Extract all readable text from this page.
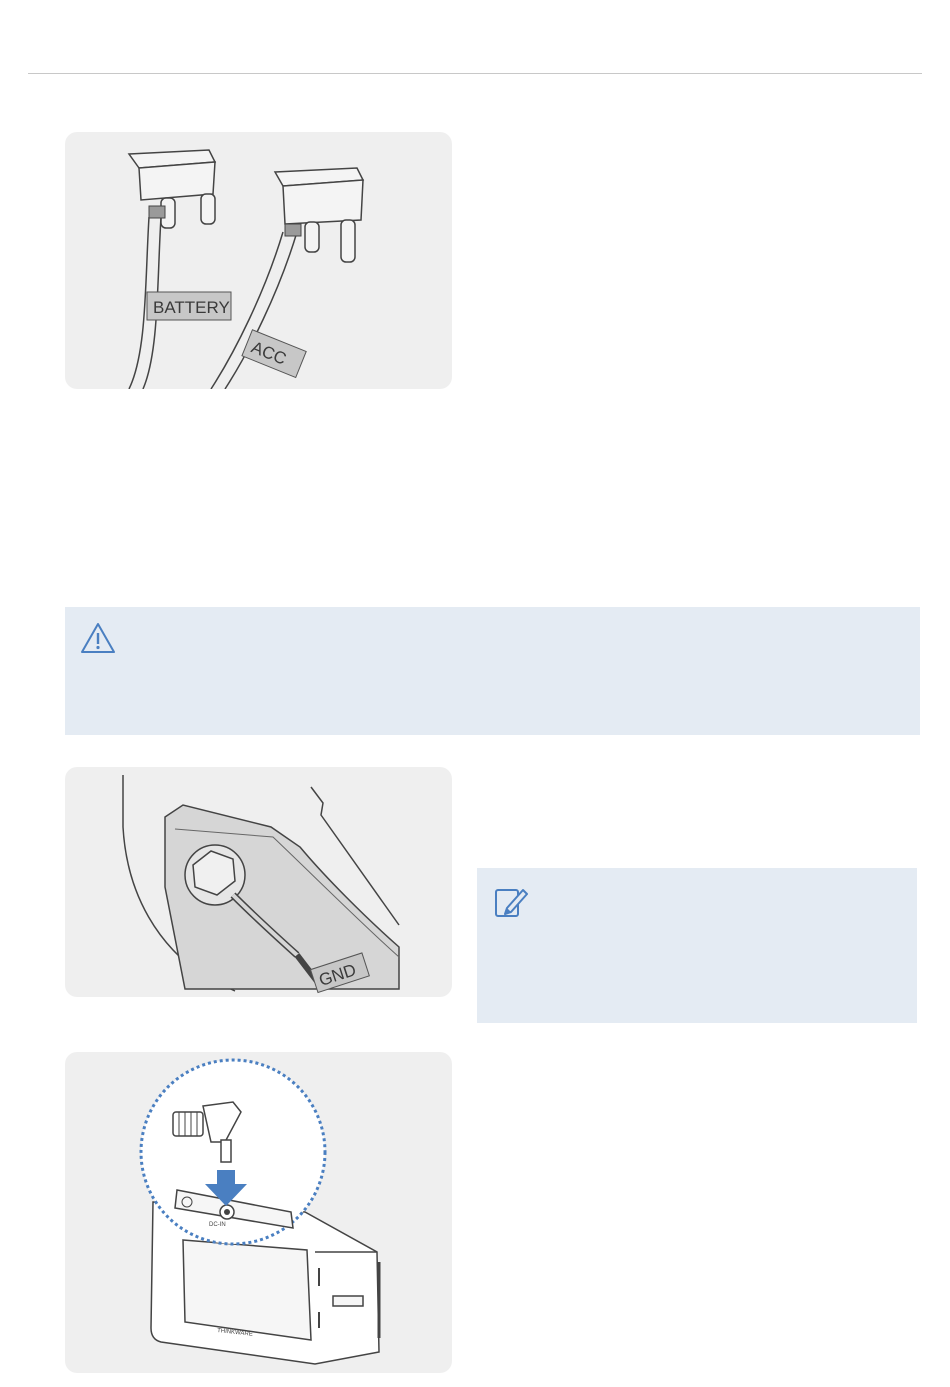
BATTERY
ACC
GND
THINKWARE
DC-IN
